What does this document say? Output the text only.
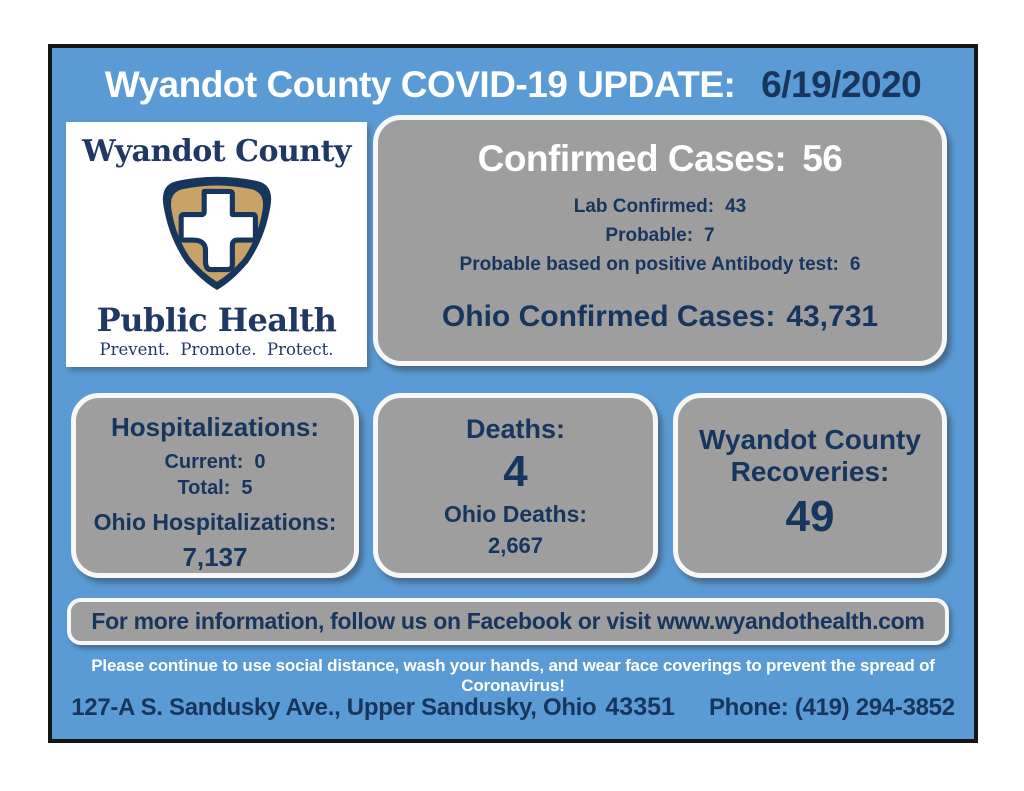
Wyandot County COVID-19 UPDATE: 6/19/2020
Wyandot County
Public Health
Prevent.  Promote.  Protect.
Confirmed Cases: 56
Lab Confirmed: 43
Probable: 7
Probable based on positive Antibody test: 6
Ohio Confirmed Cases: 43,731
Hospitalizations:
Current: 0
Total: 5
Ohio Hospitalizations:
7,137
Deaths:
4
Ohio Deaths:
2,667
Wyandot County
Recoveries:
49
For more information, follow us on Facebook or visit www.wyandothealth.com
Please continue to use social distance, wash your hands, and wear face coverings to prevent the spread of Coronavirus!
127-A S. Sandusky Ave., Upper Sandusky, Ohio 43351 Phone: (419) 294-3852
